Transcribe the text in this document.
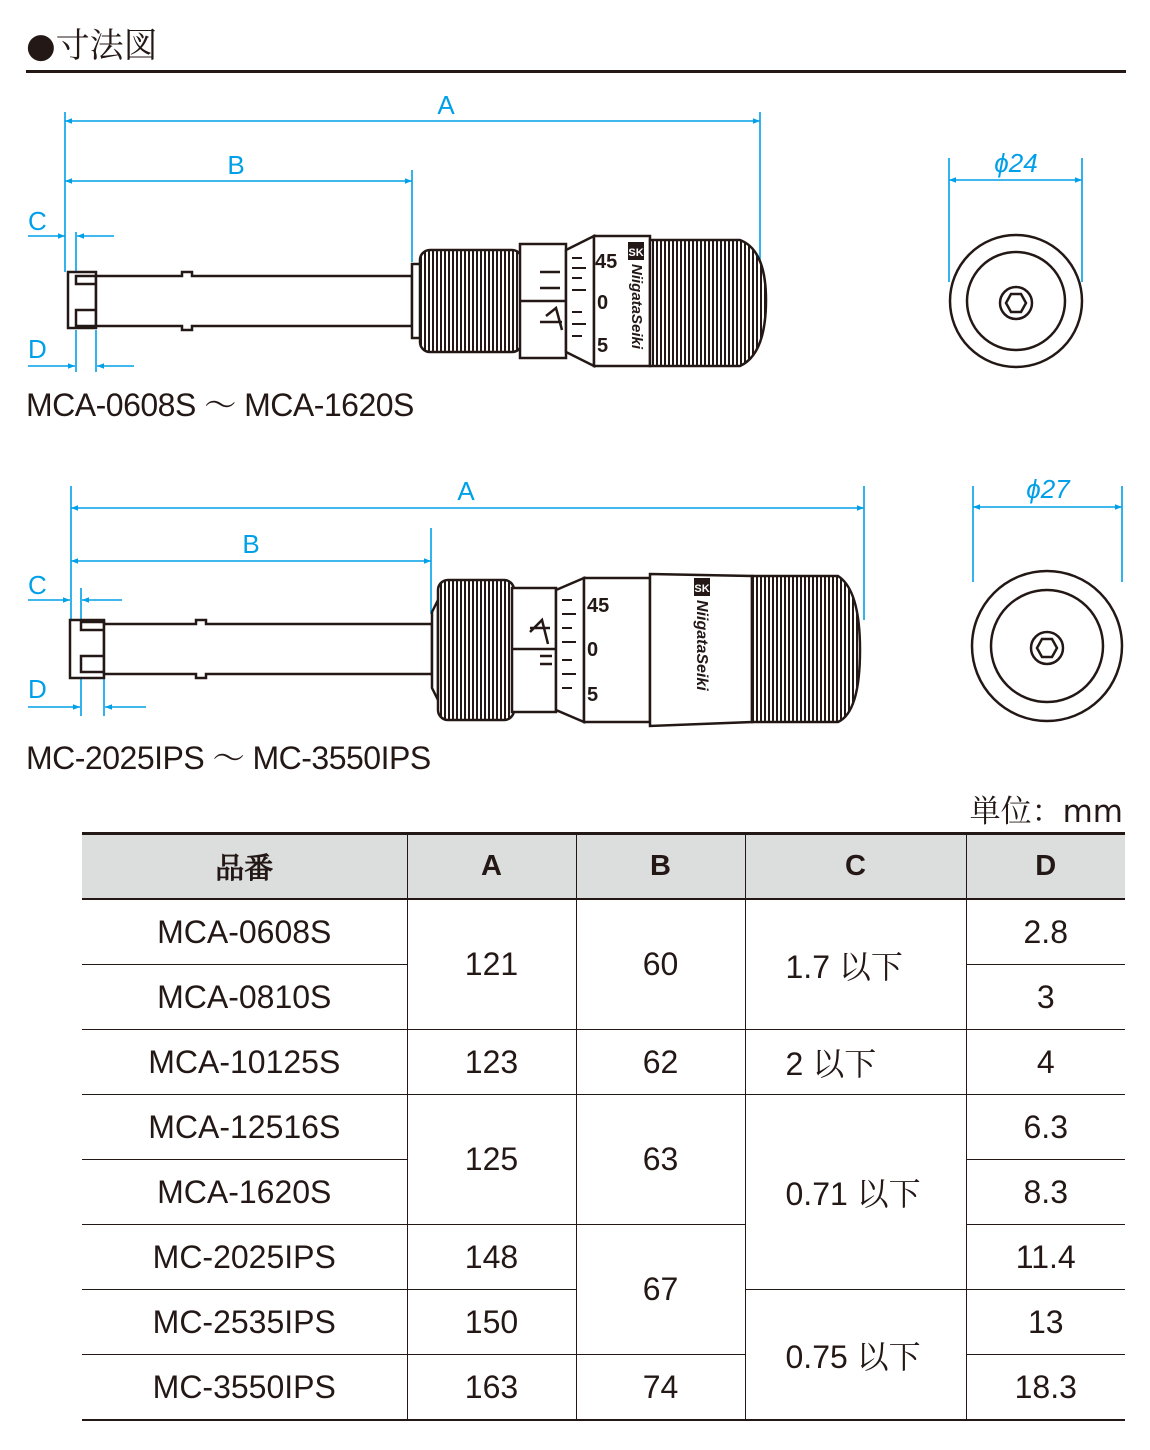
●寸法図
A
B
C
D
ϕ24
45
0
5
SK
NiigataSeiki
A
B
C
D
ϕ27
45
0
5
SK
NiigataSeiki
MCA-0608S ～ MCA-1620S
MC-2025IPS ～ MC-3550IPS
単位：mm
品番	A	B	C	D
MCA-0608S	121	60	1.7 以下	2.8
MCA-0810S				3
MCA-10125S	123	62	2 以下	4
MCA-12516S	125	63	0.71 以下	6.3
MCA-1620S				8.3
MC-2025IPS	148	67		11.4
MC-2535IPS	150		0.75 以下	13
MC-3550IPS	163	74		18.3
